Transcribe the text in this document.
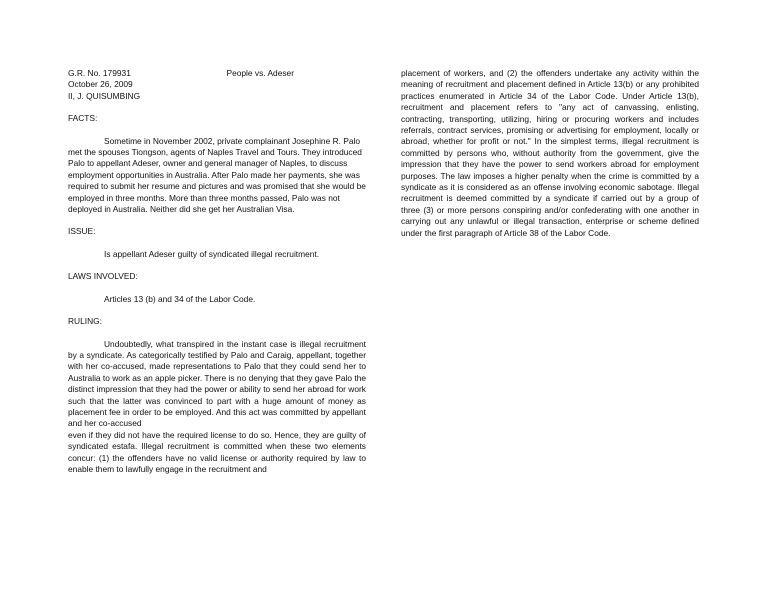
G.R. No. 179931	People vs. Adeser
October 26, 2009
II, J. QUISUMBING
FACTS:

Sometime in November 2002, private complainant Josephine R. Palo met the spouses Tiongson, agents of Naples Travel and Tours. They introduced Palo to appellant Adeser, owner and general manager of Naples, to discuss employment opportunities in Australia. After Palo made her payments, she was required to submit her resume and pictures and was promised that she would be employed in three months. More than three months passed, Palo was not deployed in Australia. Neither did she get her Australian Visa.

ISSUE:

Is appellant Adeser guilty of syndicated illegal recruitment.

LAWS INVOLVED:

Articles 13 (b) and 34 of the Labor Code.

RULING:

Undoubtedly, what transpired in the instant case is illegal recruitment by a syndicate. As categorically testified by Palo and Caraig, appellant, together with her co-accused, made representations to Palo that they could send her to Australia to work as an apple picker. There is no denying that they gave Palo the distinct impression that they had the power or ability to send her abroad for work such that the latter was convinced to part with a huge amount of money as placement fee in order to be employed. And this act was committed by appellant and her co-accused

even if they did not have the required license to do so. Hence, they are guilty of syndicated estafa. Illegal recruitment is committed when these two elements concur: (1) the offenders have no valid license or authority required by law to enable them to lawfully engage in the recruitment and

placement of workers, and (2) the offenders undertake any activity within the meaning of recruitment and placement defined in Article 13(b) or any prohibited practices enumerated in Article 34 of the Labor Code. Under Article 13(b), recruitment and placement refers to "any act of canvassing, enlisting, contracting, transporting, utilizing, hiring or procuring workers and includes referrals, contract services, promising or advertising for employment, locally or abroad, whether for profit or not." In the simplest terms, illegal recruitment is committed by persons who, without authority from the government, give the impression that they have the power to send workers abroad for employment purposes. The law imposes a higher penalty when the crime is committed by a syndicate as it is considered as an offense involving economic sabotage. Illegal recruitment is deemed committed by a syndicate if carried out by a group of three (3) or more persons conspiring and/or confederating with one another in carrying out any unlawful or illegal transaction, enterprise or scheme defined under the first paragraph of Article 38 of the Labor Code.
